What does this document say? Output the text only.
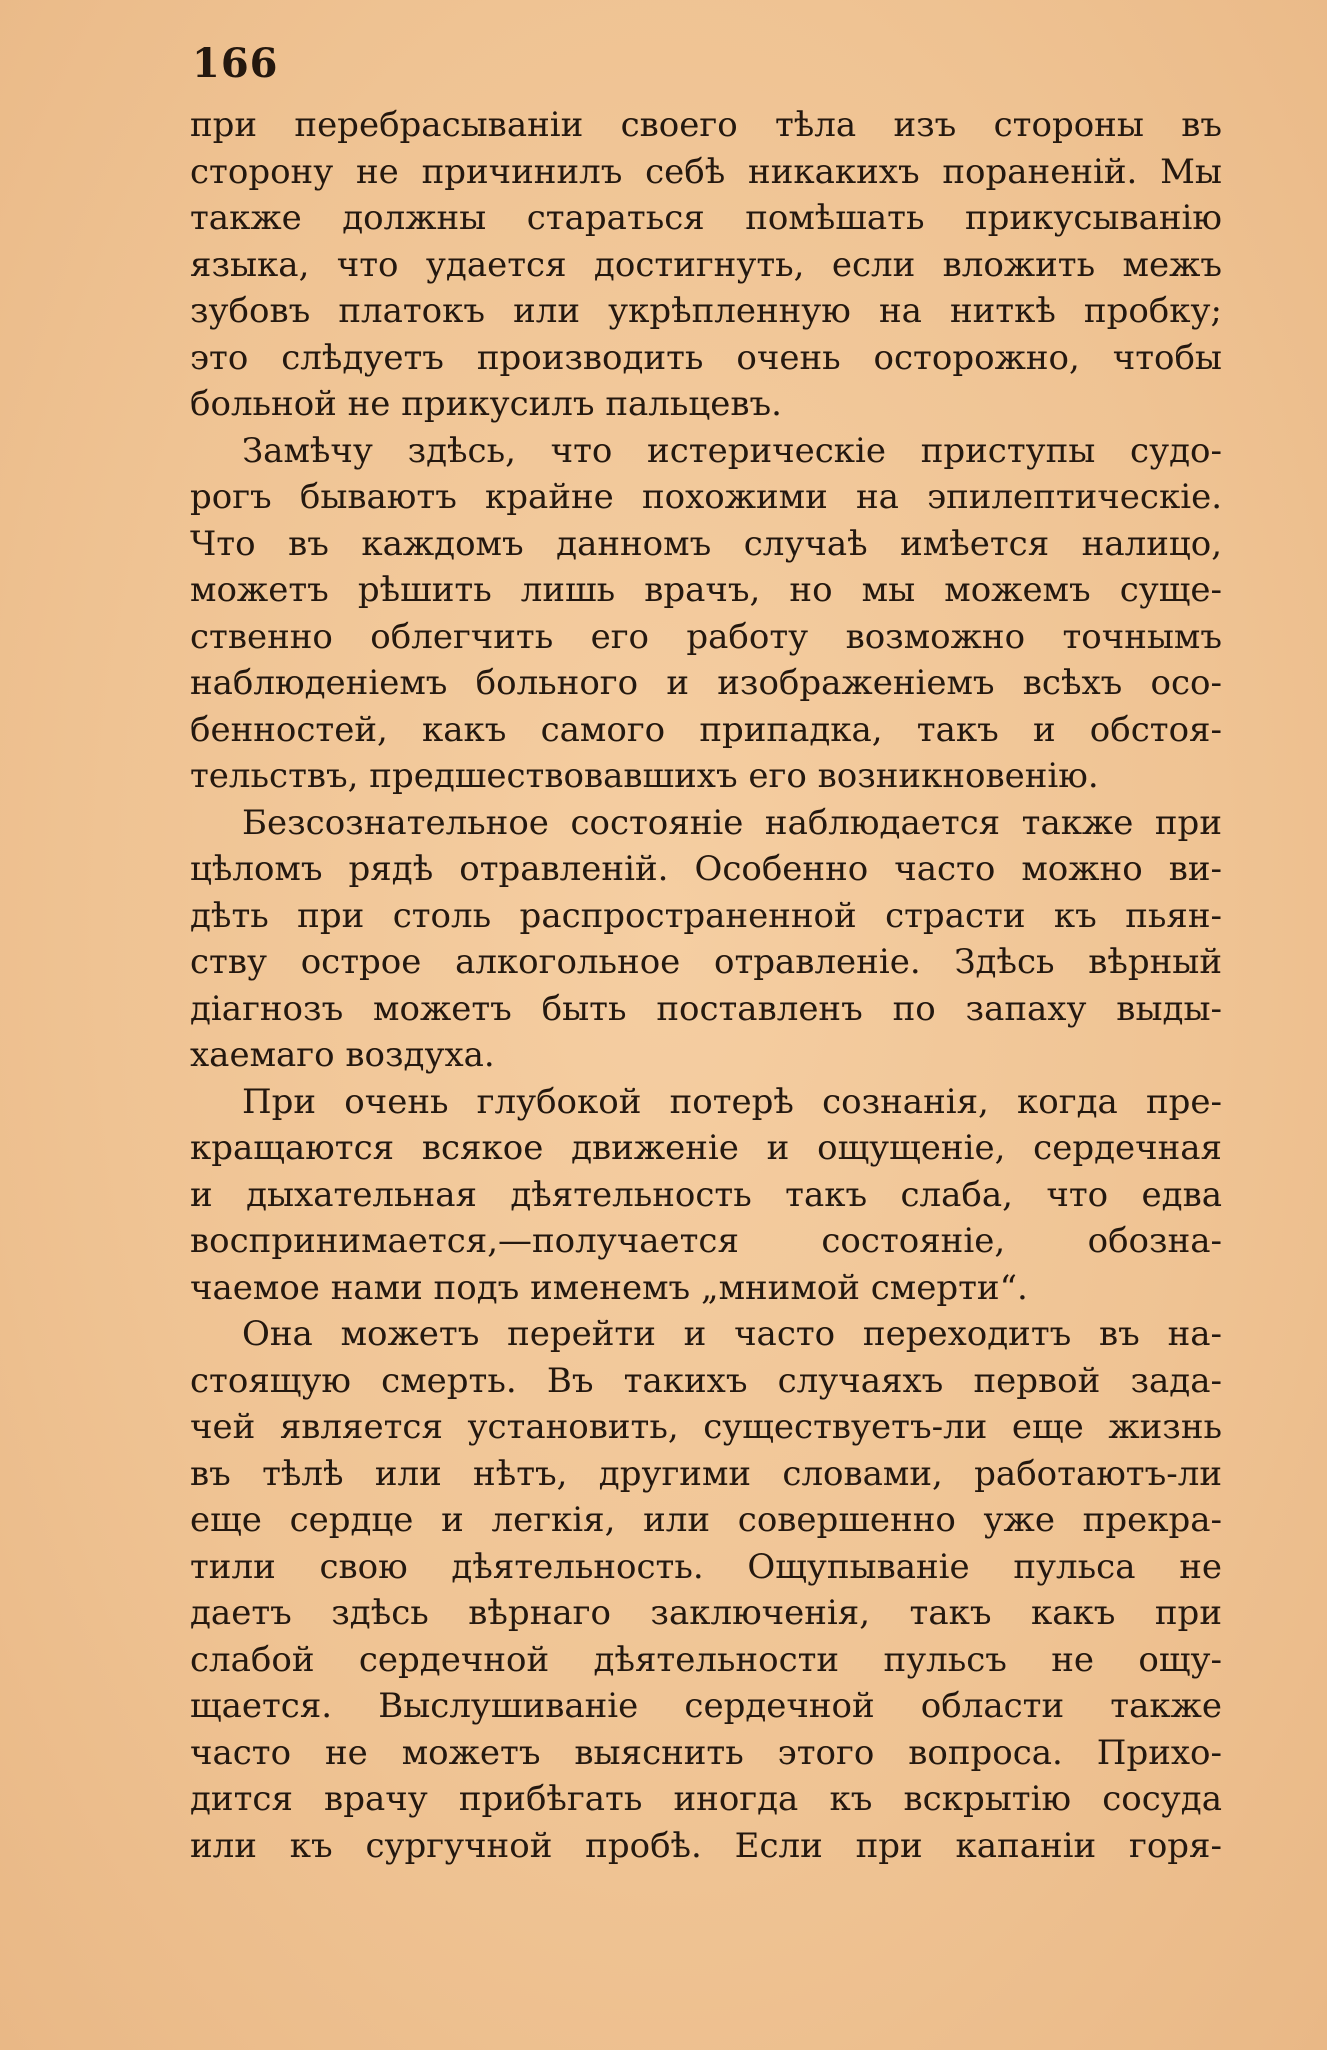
166
при перебрасываніи своего тѣла изъ стороны въ
сторону не причинилъ себѣ никакихъ пораненій. Мы
также должны стараться помѣшать прикусыванію
языка, что удается достигнуть, если вложить межъ
зубовъ платокъ или укрѣпленную на ниткѣ пробку;
это слѣдуетъ производить очень осторожно, чтобы
больной не прикусилъ пальцевъ.
Замѣчу здѣсь, что истерическіе приступы судо-
рогъ бываютъ крайне похожими на эпилептическіе.
Что въ каждомъ данномъ случаѣ имѣется налицо,
можетъ рѣшить лишь врачъ, но мы можемъ суще-
ственно облегчить его работу возможно точнымъ
наблюденіемъ больного и изображеніемъ всѣхъ осо-
бенностей, какъ самого припадка, такъ и обстоя-
тельствъ, предшествовавшихъ его возникновенію.
Безсознательное состояніе наблюдается также при
цѣломъ рядѣ отравленій. Особенно часто можно ви-
дѣть при столь распространенной страсти къ пьян-
ству острое алкогольное отравленіе. Здѣсь вѣрный
діагнозъ можетъ быть поставленъ по запаху выды-
хаемаго воздуха.
При очень глубокой потерѣ сознанія, когда пре-
кращаются всякое движеніе и ощущеніе, сердечная
и дыхательная дѣятельность такъ слаба, что едва
воспринимается,—получается состояніе, обозна-
чаемое нами подъ именемъ „мнимой смерти“.
Она можетъ перейти и часто переходитъ въ на-
стоящую смерть. Въ такихъ случаяхъ первой зада-
чей является установить, существуетъ-ли еще жизнь
въ тѣлѣ или нѣтъ, другими словами, работаютъ-ли
еще сердце и легкія, или совершенно уже прекра-
тили свою дѣятельность. Ощупываніе пульса не
даетъ здѣсь вѣрнаго заключенія, такъ какъ при
слабой сердечной дѣятельности пульсъ не ощу-
щается. Выслушиваніе сердечной области также
часто не можетъ выяснить этого вопроса. Прихо-
дится врачу прибѣгать иногда къ вскрытію сосуда
или къ сургучной пробѣ. Если при капаніи горя-
